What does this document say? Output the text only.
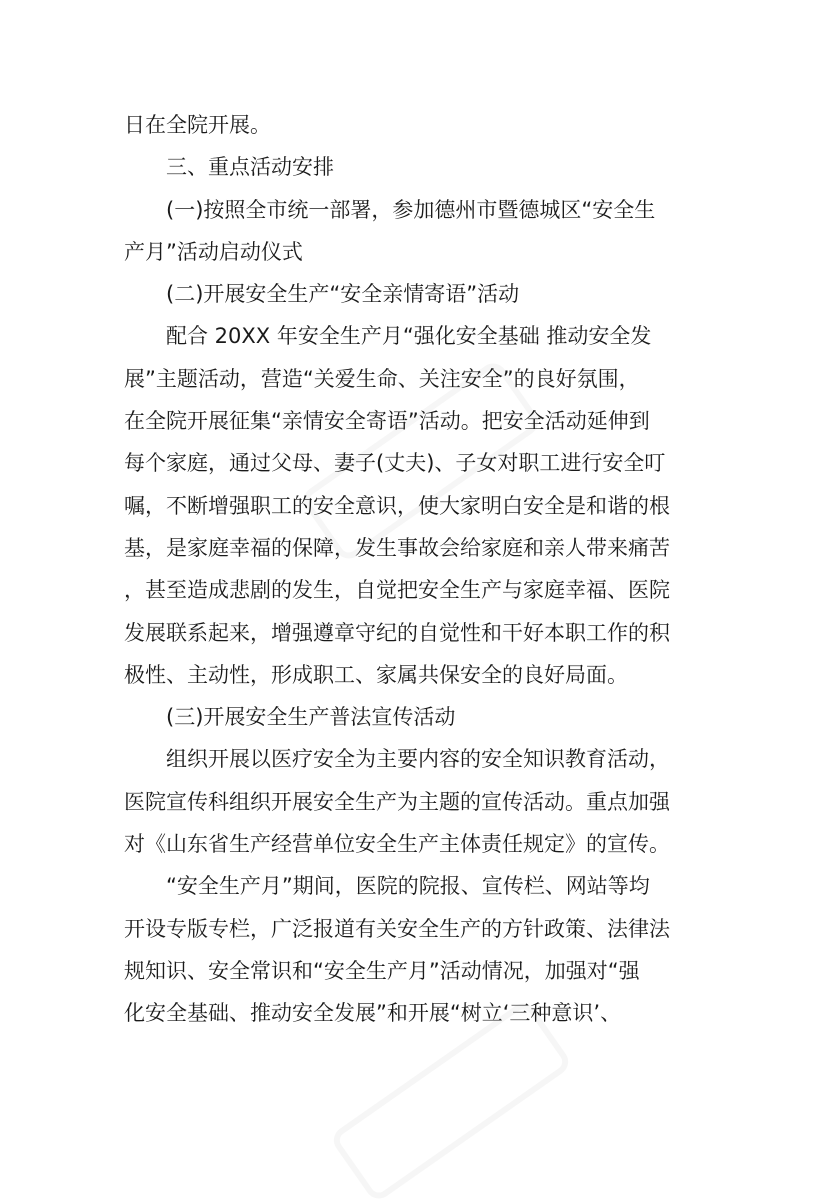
日在全院开展。
三、重点活动安排
(一)按照全市统一部署，参加德州市暨德城区“安全生
产月”活动启动仪式
(二)开展安全生产“安全亲情寄语”活动
配合 20XX 年安全生产月“强化安全基础 推动安全发
展”主题活动，营造“关爱生命、关注安全”的良好氛围，
在全院开展征集“亲情安全寄语”活动。把安全活动延伸到
每个家庭，通过父母、妻子(丈夫)、子女对职工进行安全叮
嘱，不断增强职工的安全意识，使大家明白安全是和谐的根
基，是家庭幸福的保障，发生事故会给家庭和亲人带来痛苦
，甚至造成悲剧的发生，自觉把安全生产与家庭幸福、医院
发展联系起来，增强遵章守纪的自觉性和干好本职工作的积
极性、主动性，形成职工、家属共保安全的良好局面。
(三)开展安全生产普法宣传活动
组织开展以医疗安全为主要内容的安全知识教育活动，
医院宣传科组织开展安全生产为主题的宣传活动。重点加强
对《山东省生产经营单位安全生产主体责任规定》的宣传。
“安全生产月”期间，医院的院报、宣传栏、网站等均
开设专版专栏，广泛报道有关安全生产的方针政策、法律法
规知识、安全常识和“安全生产月”活动情况，加强对“强
化安全基础、推动安全发展”和开展“树立‘三种意识’、
